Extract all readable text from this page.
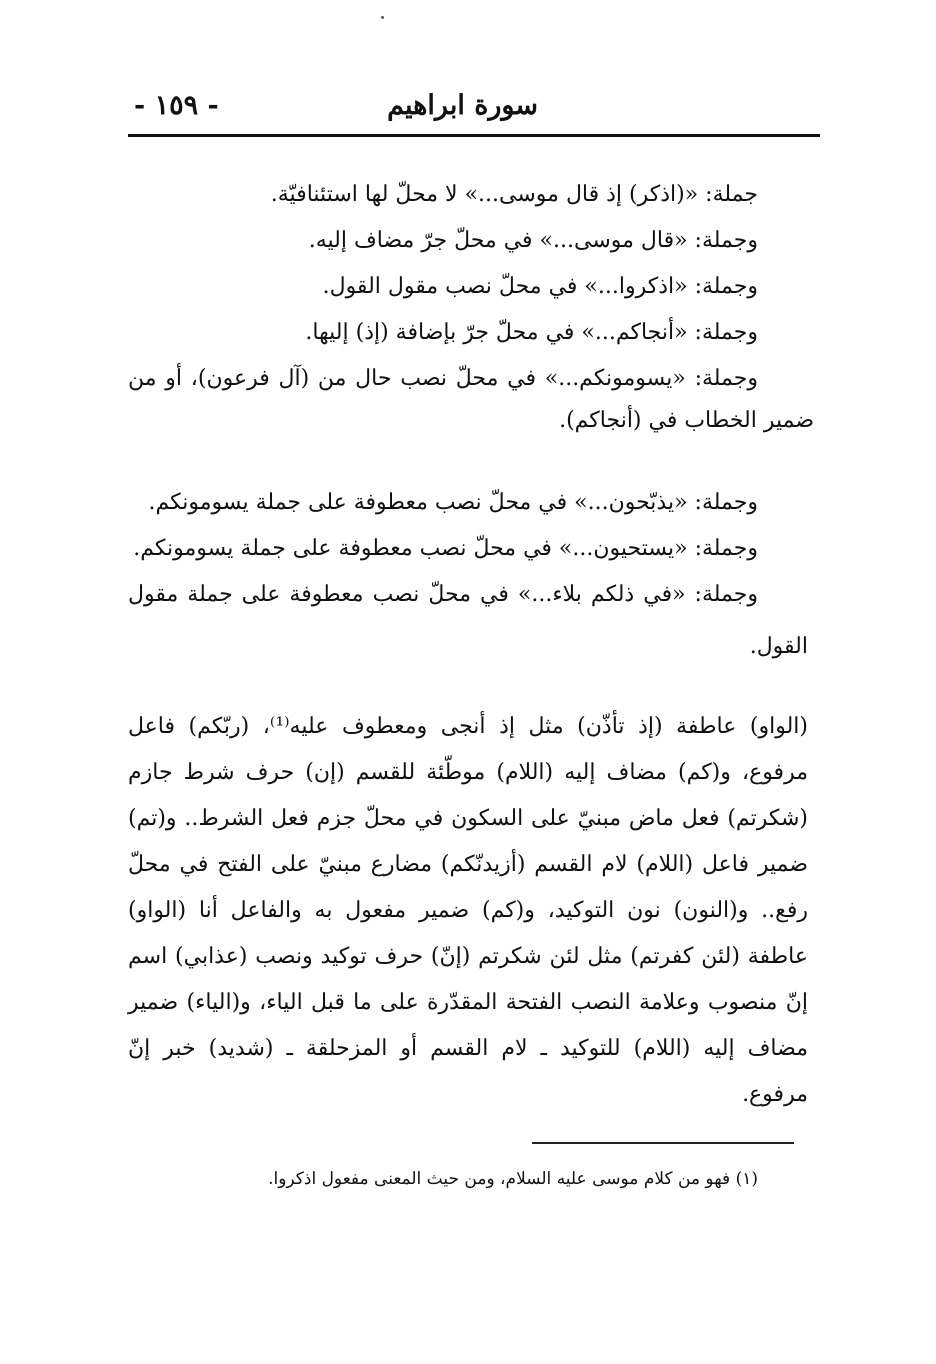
سورة ابراهيم
- ١٥٩ -
جملة: «(اذكر) إذ قال موسى...» لا محلّ لها استئنافيّة.
وجملة: «قال موسى...» في محلّ جرّ مضاف إليه.
وجملة: «اذكروا...» في محلّ نصب مقول القول.
وجملة: «أنجاكم...» في محلّ جرّ بإضافة (إذ) إليها.
وجملة: «يسومونكم...» في محلّ نصب حال من (آل فرعون)، أو من
ضمير الخطاب في (أنجاكم).
وجملة: «يذبّحون...» في محلّ نصب معطوفة على جملة يسومونكم.
وجملة: «يستحيون...» في محلّ نصب معطوفة على جملة يسومونكم.
وجملة: «في ذلكم بلاء...» في محلّ نصب معطوفة على جملة مقول
القول.
(الواو) عاطفة (إذ تأذّن) مثل إذ أنجى ومعطوف عليه⁽¹⁾، (ربّكم) فاعل
مرفوع، و(كم) مضاف إليه (اللام) موطّئة للقسم (إن) حرف شرط جازم
(شكرتم) فعل ماض مبنيّ على السكون في محلّ جزم فعل الشرط.. و(تم)
ضمير فاعل (اللام) لام القسم (أزيدنّكم) مضارع مبنيّ على الفتح في محلّ
رفع.. و(النون) نون التوكيد، و(كم) ضمير مفعول به والفاعل أنا (الواو)
عاطفة (لئن كفرتم) مثل لئن شكرتم (إنّ) حرف توكيد ونصب (عذابي) اسم
إنّ منصوب وعلامة النصب الفتحة المقدّرة على ما قبل الياء، و(الياء) ضمير
مضاف إليه (اللام) للتوكيد ـ لام القسم أو المزحلقة ـ (شديد) خبر إنّ
مرفوع.
(١) فهو من كلام موسى عليه السلام، ومن حيث المعنى مفعول اذكروا.
